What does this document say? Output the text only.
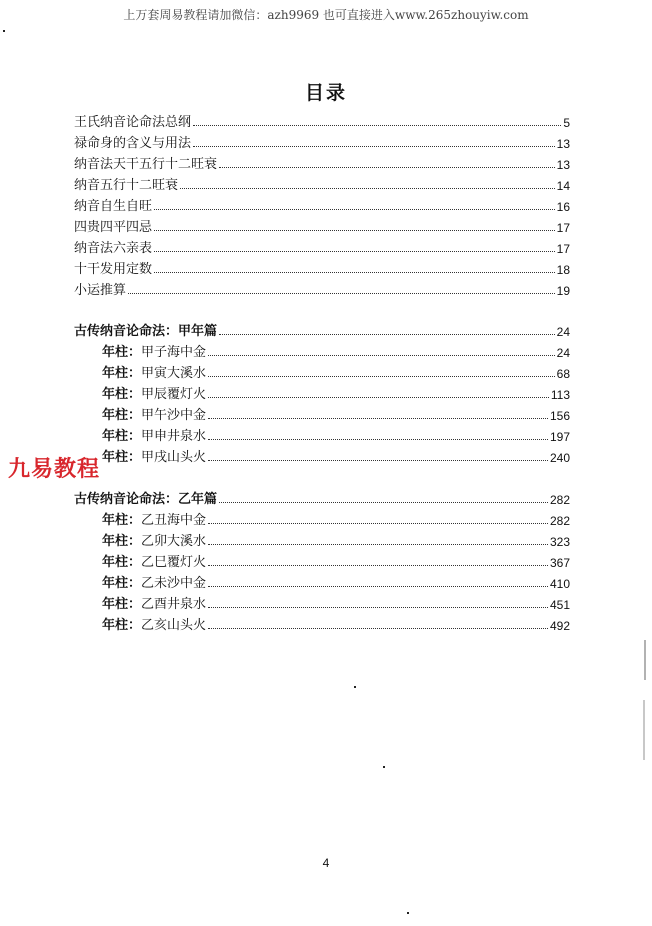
上万套周易教程请加微信：azh9969 也可直接进入www.265zhouyiw.com
目录
王氏纳音论命法总纲	5
禄命身的含义与用法	13
纳音法天干五行十二旺衰	13
纳音五行十二旺衰	14
纳音自生自旺	16
四贵四平四忌	17
纳音法六亲表	17
十干发用定数	18
小运推算	19
古传纳音论命法：甲年篇	24
年柱：甲子海中金	24
年柱：甲寅大溪水	68
年柱：甲辰覆灯火	113
年柱：甲午沙中金	156
年柱：甲申井泉水	197
年柱：甲戌山头火	240
古传纳音论命法：乙年篇	282
年柱：乙丑海中金	282
年柱：乙卯大溪水	323
年柱：乙巳覆灯火	367
年柱：乙未沙中金	410
年柱：乙酉井泉水	451
年柱：乙亥山头火	492
九易教程
4
